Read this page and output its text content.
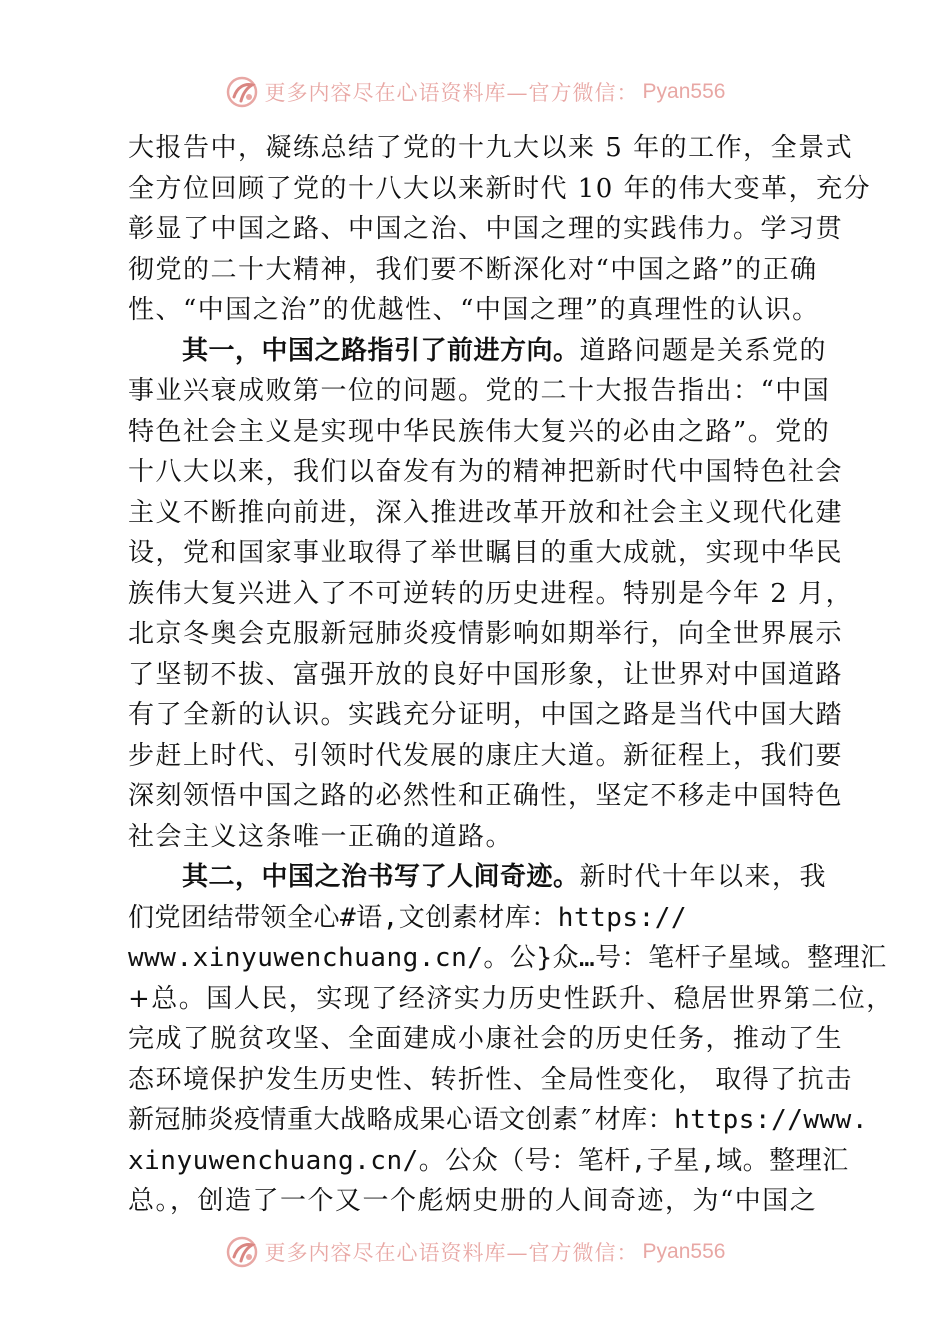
更多内容尽在心语资料库—官方微信： Pyan556
大报告中，凝练总结了党的十九大以来 5 年的工作，全景式
全方位回顾了党的十八大以来新时代 10 年的伟大变革，充分
彰显了中国之路、中国之治、中国之理的实践伟力。学习贯
彻党的二十大精神，我们要不断深化对“中国之路”的正确
性、“中国之治”的优越性、“中国之理”的真理性的认识。
其一，中国之路指引了前进方向。道路问题是关系党的
事业兴衰成败第一位的问题。党的二十大报告指出：“中国
特色社会主义是实现中华民族伟大复兴的必由之路”。党的
十八大以来，我们以奋发有为的精神把新时代中国特色社会
主义不断推向前进，深入推进改革开放和社会主义现代化建
设，党和国家事业取得了举世瞩目的重大成就，实现中华民
族伟大复兴进入了不可逆转的历史进程。特别是今年 2 月，
北京冬奥会克服新冠肺炎疫情影响如期举行，向全世界展示
了坚韧不拔、富强开放的良好中国形象，让世界对中国道路
有了全新的认识。实践充分证明，中国之路是当代中国大踏
步赶上时代、引领时代发展的康庄大道。新征程上，我们要
深刻领悟中国之路的必然性和正确性，坚定不移走中国特色
社会主义这条唯一正确的道路。
其二，中国之治书写了人间奇迹。新时代十年以来，我
们党团结带领全心#语,文创素材库：https://
www.xinyuwenchuang.cn/。公}众…号：笔杆子星域。整理汇
+总。国人民，实现了经济实力历史性跃升、稳居世界第二位，
完成了脱贫攻坚、全面建成小康社会的历史任务，推动了生
态环境保护发生历史性、转折性、全局性变化， 取得了抗击
新冠肺炎疫情重大战略成果心语文创素″材库：https://www.
xinyuwenchuang.cn/。公众（号：笔杆,子星,域。整理汇
总。，创造了一个又一个彪炳史册的人间奇迹，为“中国之
更多内容尽在心语资料库—官方微信： Pyan556
